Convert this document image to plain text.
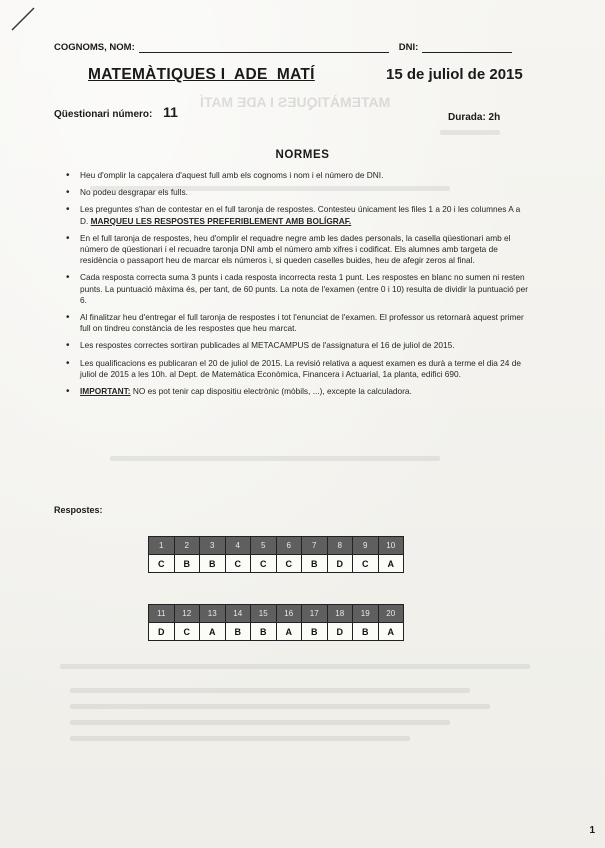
MATEMÀTIQUES I ADE MATÍ
COGNOMS, NOM:	DNI:
MATEMÀTIQUES I  ADE  MATÍ	15 de juliol de 2015
Qüestionari número: 11	Durada: 2h
NORMES
• Heu d'omplir la capçalera d'aquest full amb els cognoms i nom i el número de DNI.
• No podeu desgrapar els fulls.
• Les preguntes s'han de contestar en el full taronja de respostes. Contesteu únicament les files 1 a 20 i les columnes A a D. MARQUEU LES RESPOSTES PREFERIBLEMENT AMB BOLÍGRAF.
• En el full taronja de respostes, heu d'omplir el requadre negre amb les dades personals, la casella qüestionari amb el número de qüestionari i el recuadre taronja DNI amb el número amb xifres i codificat. Els alumnes amb targeta de residència o passaport heu de marcar els números i, si queden caselles buides, heu de afegir zeros al final.
• Cada resposta correcta suma 3 punts i cada resposta incorrecta resta 1 punt. Les respostes en blanc no sumen ni resten punts. La puntuació màxima és, per tant, de 60 punts. La nota de l'examen (entre 0 i 10) resulta de dividir la puntuació per 6.
• Al finalitzar heu d'entregar el full taronja de respostes i tot l'enunciat de l'examen. El professor us retornarà aquest primer full on tindreu constància de les respostes que heu marcat.
• Les respostes correctes sortiran publicades al METACAMPUS de l'assignatura el 16 de juliol de 2015.
• Les qualificacions es publicaran el 20 de juliol de 2015. La revisió relativa a aquest examen es durà a terme el dia 24 de juliol de 2015 a les 10h. al Dept. de Matemàtica Econòmica, Financera i Actuarial, 1a planta, edifici 690.
• IMPORTANT: NO es pot tenir cap dispositiu electrònic (mòbils, ...), excepte la calculadora.
Respostes:
1	2	3	4	5	6	7	8	9	10
C	B	B	C	C	C	B	D	C	A
11	12	13	14	15	16	17	18	19	20
D	C	A	B	B	A	B	D	B	A
1
